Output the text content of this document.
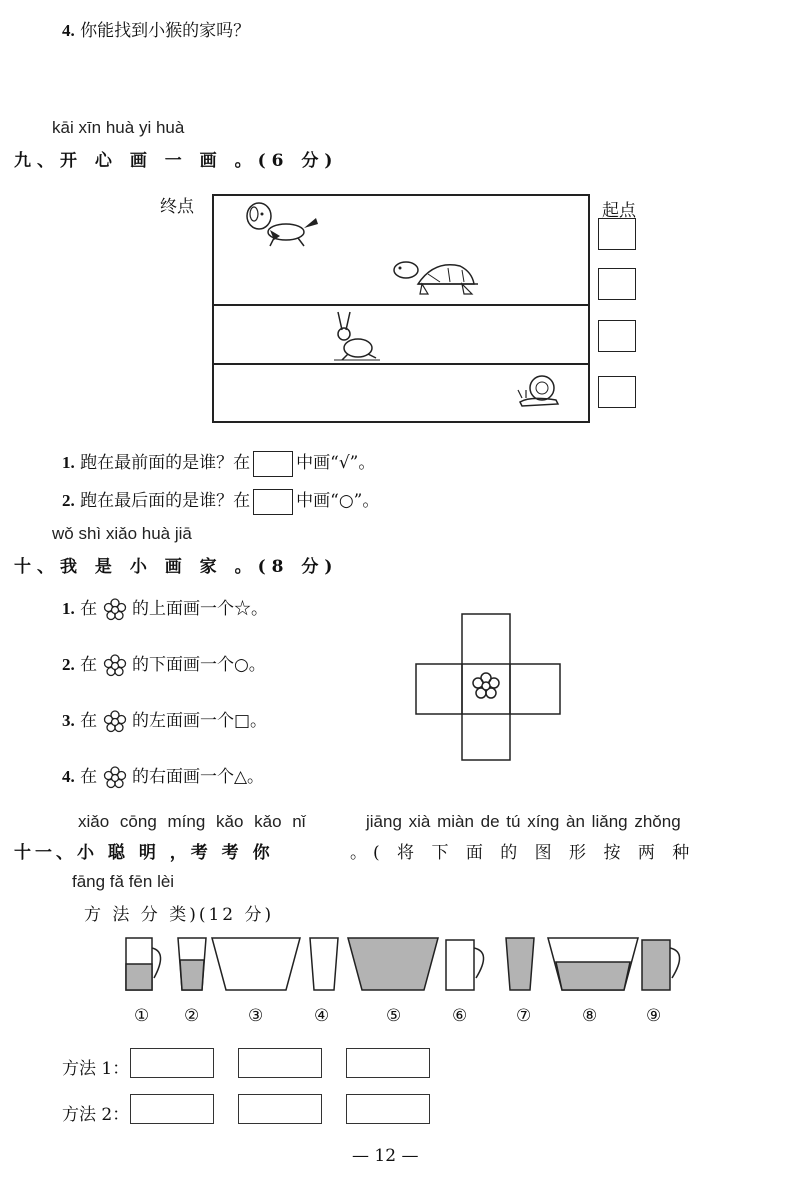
4. 你能找到小猴的家吗？
kāi xīn huà yi huà
九、开 心 画 一 画 。(6 分)
终点	起点
1. 跑在最前面的是谁？在	中画“√”。
2. 跑在最后面的是谁？在	中画“○”。
wǒ shì xiǎo huà jiā
十、我 是 小 画 家 。(8 分)
1. 在 的上面画一个☆。
2. 在 的下面画一个○。
3. 在 的左面画一个□。
4. 在 的右面画一个△。
xiǎo cōng míng kǎo kǎo nǐ	jiāng xià miàn de tú xíng àn liǎng zhǒng
十一、小 聪 明 ，考 考 你	。( 将 下 面 的 图 形 按 两 种
fāng fǎ fēn lèi
方 法 分 类)(12 分)
① ②	③	④	⑤	⑥	⑦	⑧	⑨
方法 1：
方法 2：
— 12 —
